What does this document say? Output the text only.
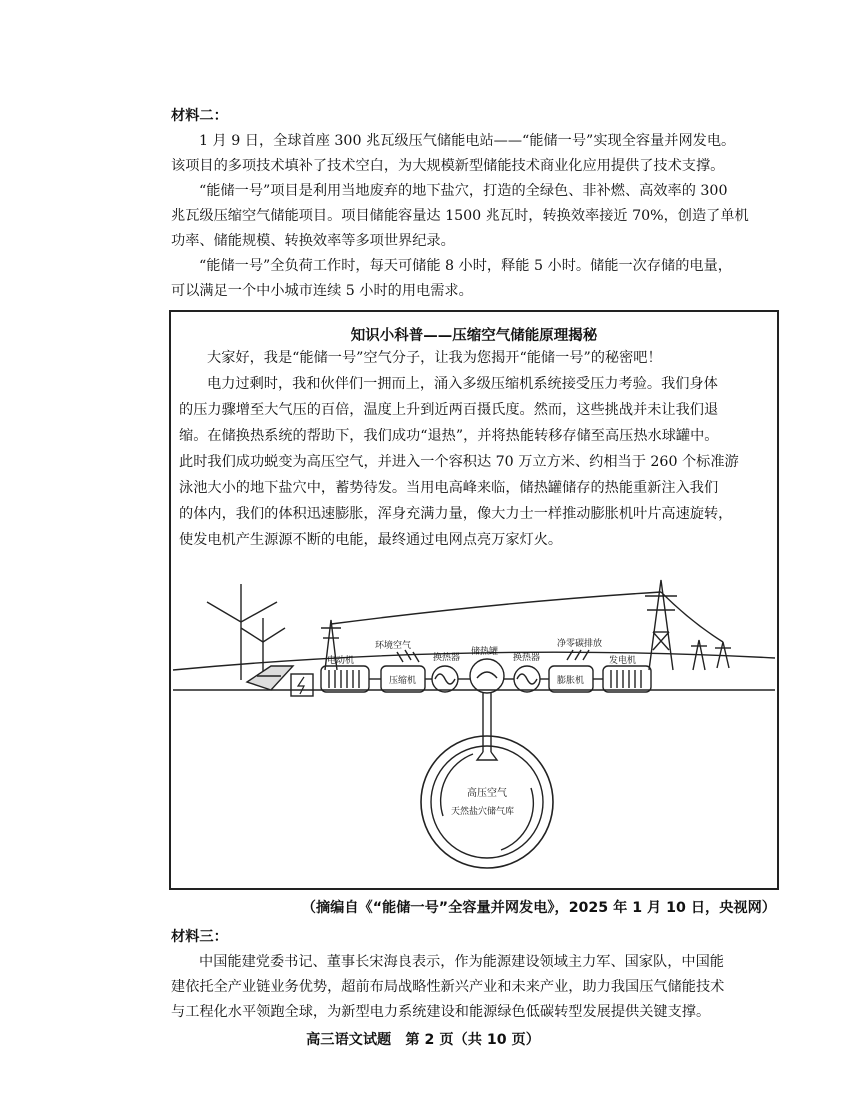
材料二：
1 月 9 日，全球首座 300 兆瓦级压气储能电站——“能储一号”实现全容量并网发电。
该项目的多项技术填补了技术空白，为大规模新型储能技术商业化应用提供了技术支撑。
“能储一号”项目是利用当地废弃的地下盐穴，打造的全绿色、非补燃、高效率的 300
兆瓦级压缩空气储能项目。项目储能容量达 1500 兆瓦时，转换效率接近 70%，创造了单机
功率、储能规模、转换效率等多项世界纪录。
“能储一号”全负荷工作时，每天可储能 8 小时，释能 5 小时。储能一次存储的电量，
可以满足一个中小城市连续 5 小时的用电需求。
知识小科普——压缩空气储能原理揭秘
大家好，我是“能储一号”空气分子，让我为您揭开“能储一号”的秘密吧！
电力过剩时，我和伙伴们一拥而上，涌入多级压缩机系统接受压力考验。我们身体
的压力骤增至大气压的百倍，温度上升到近两百摄氏度。然而，这些挑战并未让我们退
缩。在储换热系统的帮助下，我们成功“退热”，并将热能转移存储至高压热水球罐中。
此时我们成功蜕变为高压空气，并进入一个容积达 70 万立方米、约相当于 260 个标准游
泳池大小的地下盐穴中，蓄势待发。当用电高峰来临，储热罐储存的热能重新注入我们
的体内，我们的体积迅速膨胀，浑身充满力量，像大力士一样推动膨胀机叶片高速旋转，
使发电机产生源源不断的电能，最终通过电网点亮万家灯火。
环境空气
电动机
压缩机
换热器
储热罐
换热器
净零碳排放
膨胀机
发电机
高压空气
天然盐穴储气库
（摘编自《“能储一号”全容量并网发电》，2025 年 1 月 10 日，央视网）
材料三：
中国能建党委书记、董事长宋海良表示，作为能源建设领域主力军、国家队，中国能
建依托全产业链业务优势，超前布局战略性新兴产业和未来产业，助力我国压气储能技术
与工程化水平领跑全球，为新型电力系统建设和能源绿色低碳转型发展提供关键支撑。
高三语文试题　第 2 页（共 10 页）
